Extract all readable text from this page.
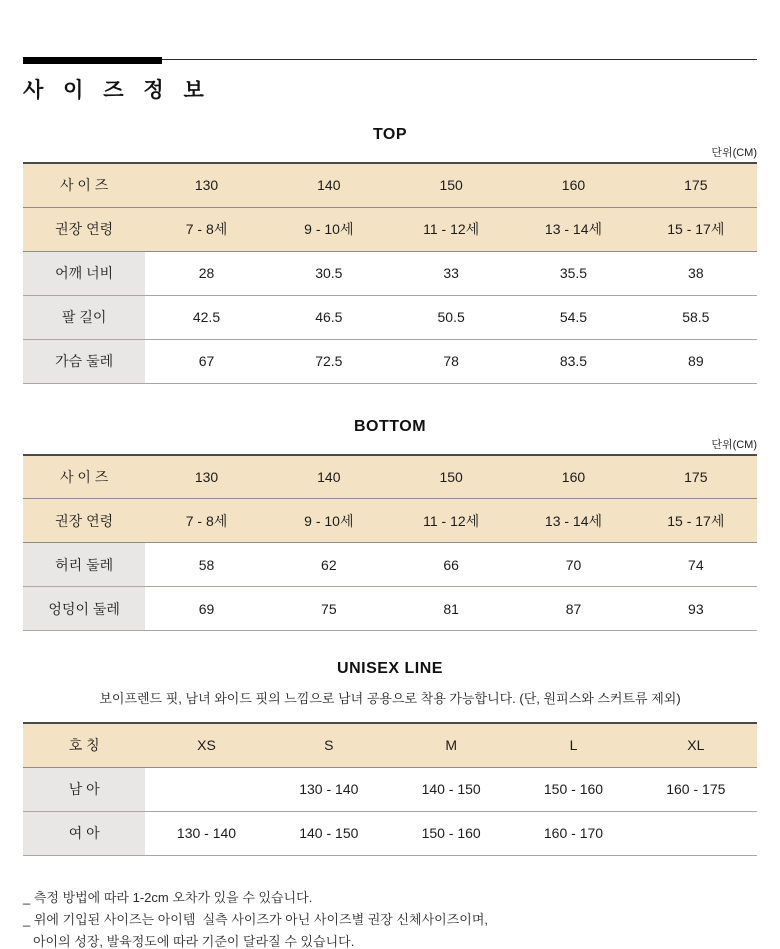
사 이 즈 정 보
TOP
단위(CM)
사 이 즈	130	140	150	160	175
권장 연령	7 - 8세	9 - 10세	11 - 12세	13 - 14세	15 - 17세
어깨 너비	28	30.5	33	35.5	38
팔 길이	42.5	46.5	50.5	54.5	58.5
가슴 둘레	67	72.5	78	83.5	89
BOTTOM
단위(CM)
사 이 즈	130	140	150	160	175
권장 연령	7 - 8세	9 - 10세	11 - 12세	13 - 14세	15 - 17세
허리 둘레	58	62	66	70	74
엉덩이 둘레	69	75	81	87	93
UNISEX LINE

보이프렌드 핏, 남녀 와이드 핏의 느낌으로 남녀 공용으로 착용 가능합니다. (단, 원피스와 스커트류 제외)

호 칭	XS	S	M	L	XL
남 아		130 - 140	140 - 150	150 - 160	160 - 175
여 아	130 - 140	140 - 150	150 - 160	160 - 170	
_ 측정 방법에 따라 1-2cm 오차가 있을 수 있습니다.
_ 위에 기입된 사이즈는 아이템  실측 사이즈가 아닌 사이즈별 권장 신체사이즈이며,
아이의 성장, 발육정도에 따라 기준이 달라질 수 있습니다.
